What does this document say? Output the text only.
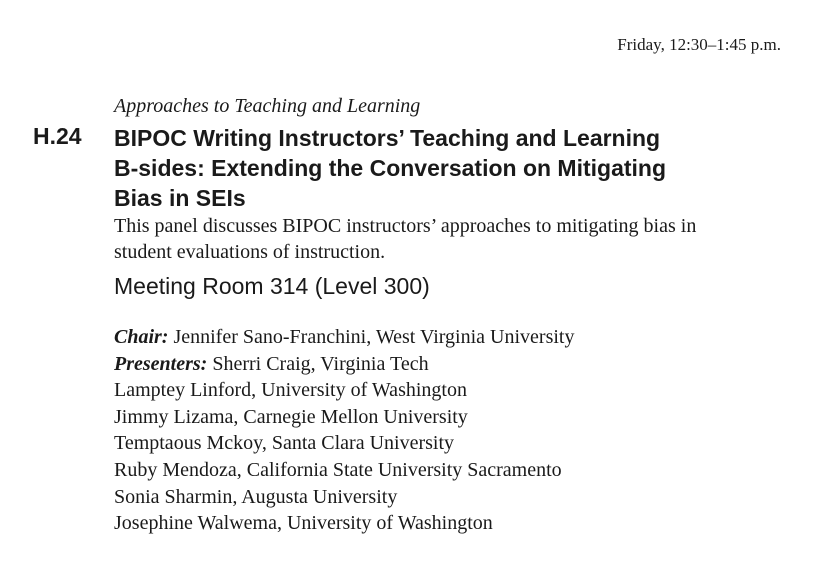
Friday, 12:30–1:45 p.m.
Approaches to Teaching and Learning
H.24 BIPOC Writing Instructors’ Teaching and Learning
B-sides: Extending the Conversation on Mitigating
Bias in SEIs
This panel discusses BIPOC instructors’ approaches to mitigating bias in
student evaluations of instruction.
Meeting Room 314 (Level 300)
Chair: Jennifer Sano-Franchini, West Virginia University
Presenters: Sherri Craig, Virginia Tech
Lamptey Linford, University of Washington
Jimmy Lizama, Carnegie Mellon University
Temptaous Mckoy, Santa Clara University
Ruby Mendoza, California State University Sacramento
Sonia Sharmin, Augusta University
Josephine Walwema, University of Washington
